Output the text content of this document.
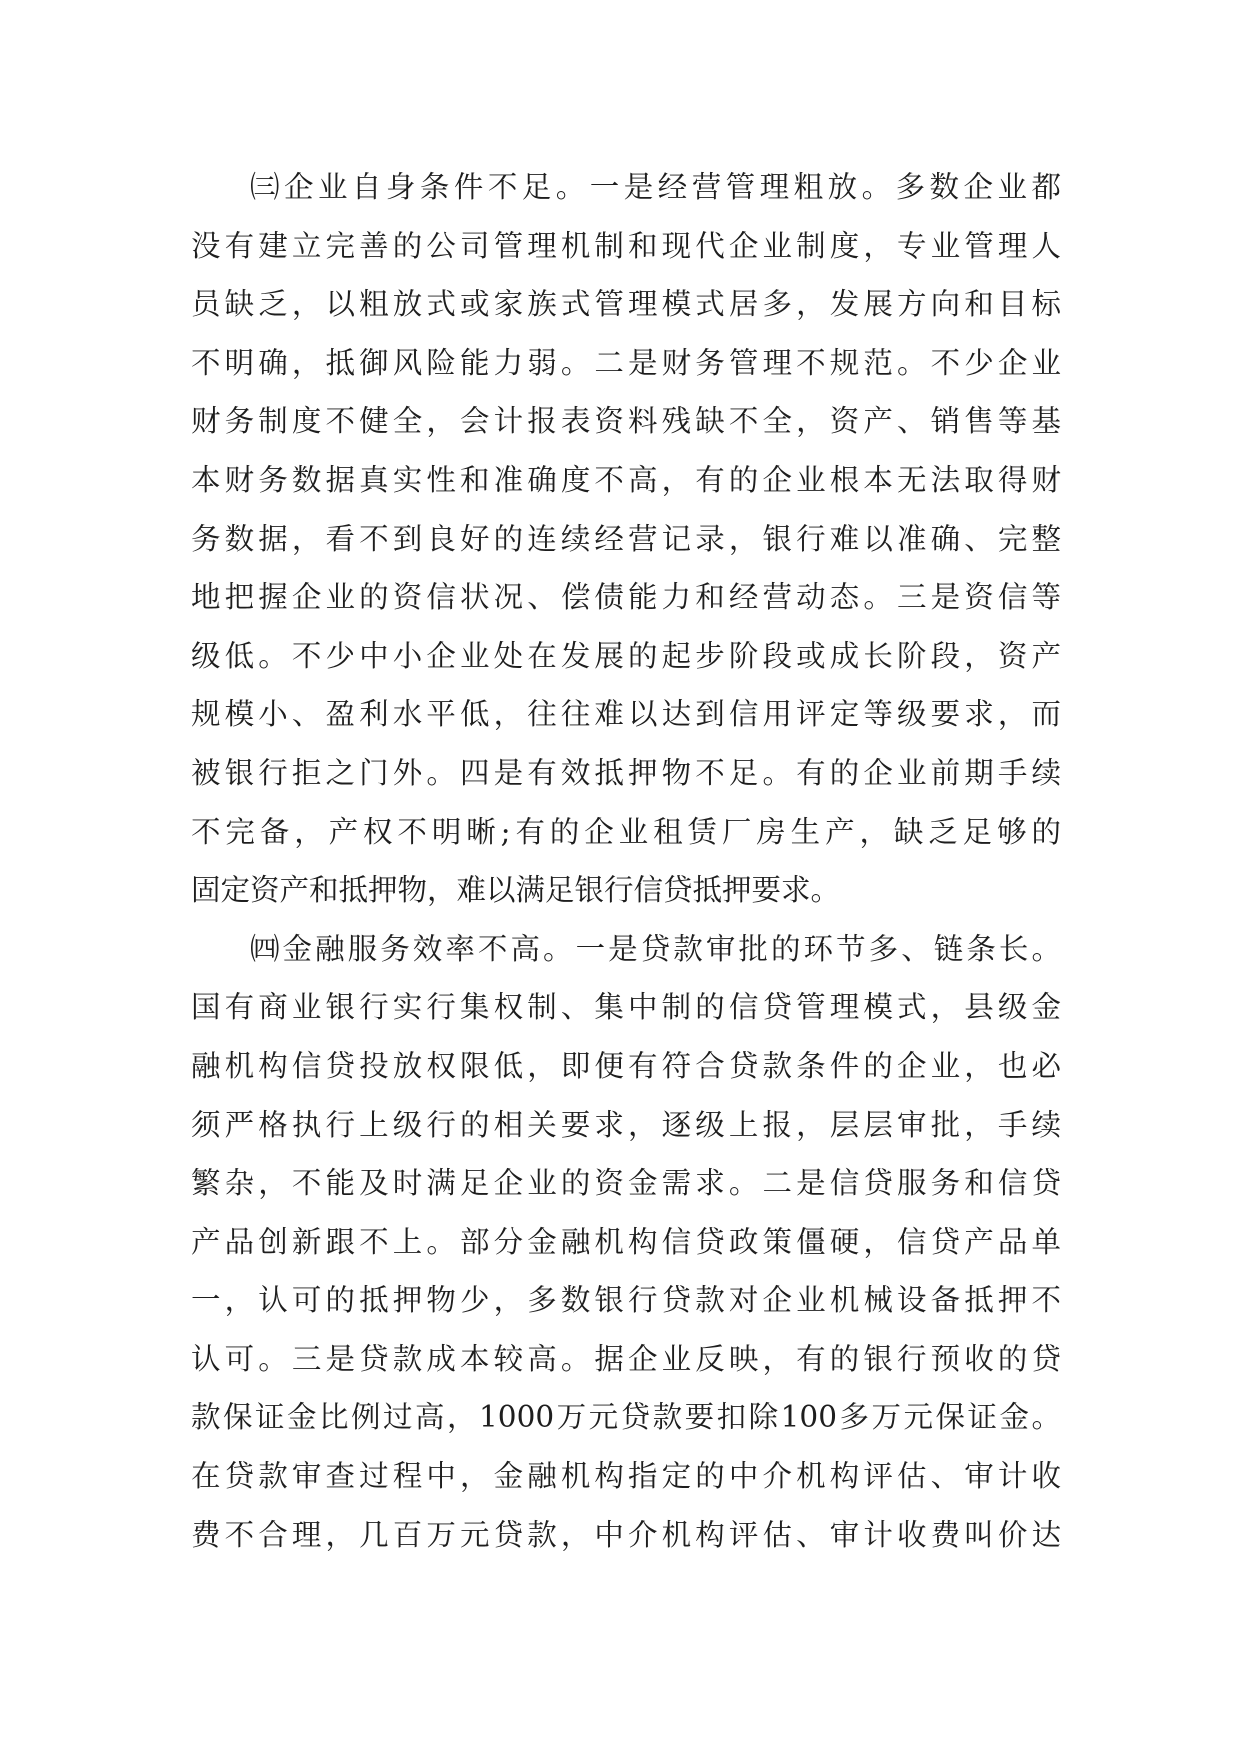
㈢企业自身条件不足。一是经营管理粗放。多数企业都
没有建立完善的公司管理机制和现代企业制度，专业管理人
员缺乏，以粗放式或家族式管理模式居多，发展方向和目标
不明确，抵御风险能力弱。二是财务管理不规范。不少企业
财务制度不健全，会计报表资料残缺不全，资产、销售等基
本财务数据真实性和准确度不高，有的企业根本无法取得财
务数据，看不到良好的连续经营记录，银行难以准确、完整
地把握企业的资信状况、偿债能力和经营动态。三是资信等
级低。不少中小企业处在发展的起步阶段或成长阶段，资产
规模小、盈利水平低，往往难以达到信用评定等级要求，而
被银行拒之门外。四是有效抵押物不足。有的企业前期手续
不完备，产权不明晰;有的企业租赁厂房生产，缺乏足够的
固定资产和抵押物，难以满足银行信贷抵押要求。
㈣金融服务效率不高。一是贷款审批的环节多、链条长。
国有商业银行实行集权制、集中制的信贷管理模式，县级金
融机构信贷投放权限低，即便有符合贷款条件的企业，也必
须严格执行上级行的相关要求，逐级上报，层层审批，手续
繁杂，不能及时满足企业的资金需求。二是信贷服务和信贷
产品创新跟不上。部分金融机构信贷政策僵硬，信贷产品单
一，认可的抵押物少，多数银行贷款对企业机械设备抵押不
认可。三是贷款成本较高。据企业反映，有的银行预收的贷
款保证金比例过高，1000万元贷款要扣除100多万元保证金。
在贷款审查过程中，金融机构指定的中介机构评估、审计收
费不合理，几百万元贷款，中介机构评估、审计收费叫价达
